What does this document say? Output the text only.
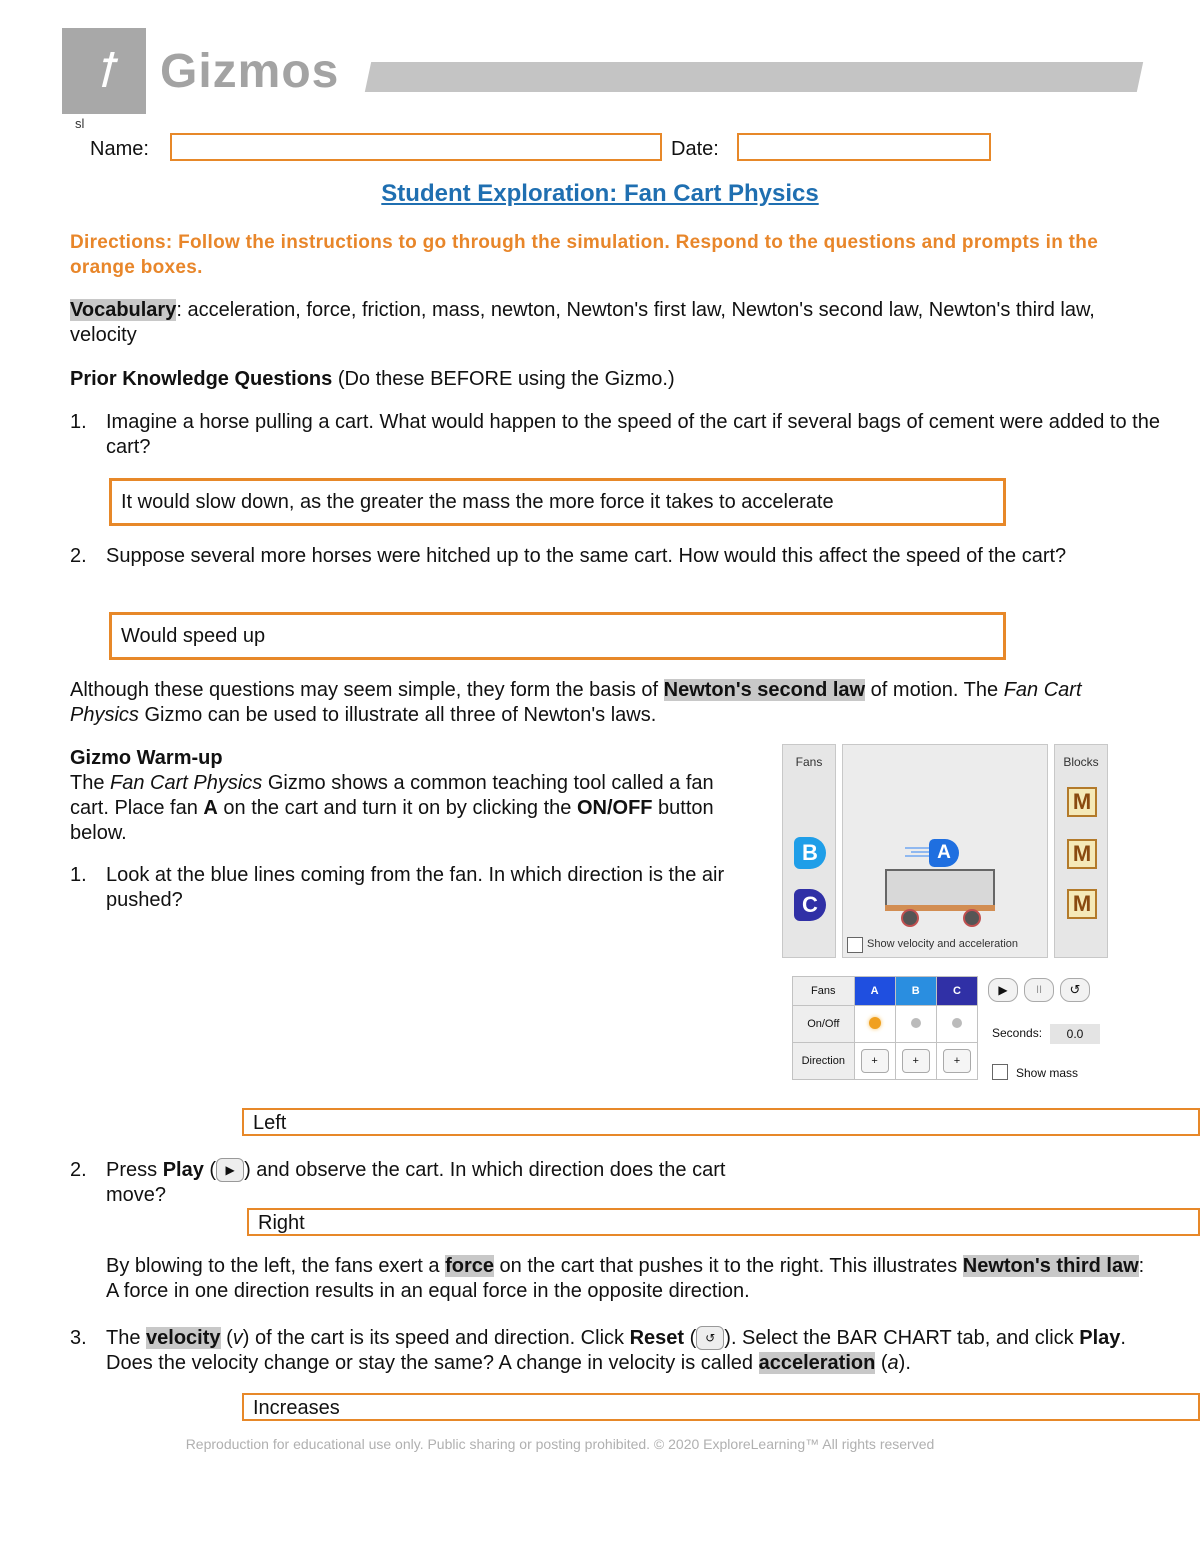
ꝉ Gizmos
sl
Name:	Date:
Student Exploration: Fan Cart Physics
Directions: Follow the instructions to go through the simulation. Respond to the questions and prompts in the orange boxes.
Vocabulary: acceleration, force, friction, mass, newton, Newton's first law, Newton's second law, Newton's third law, velocity
Prior Knowledge Questions (Do these BEFORE using the Gizmo.)
1. Imagine a horse pulling a cart. What would happen to the speed of the cart if several bags of cement were added to the cart?
It would slow down, as the greater the mass the more force it takes to accelerate
2. Suppose several more horses were hitched up to the same cart. How would this affect the speed of the cart?
Would speed up
Although these questions may seem simple, they form the basis of Newton's second law of motion. The Fan Cart Physics Gizmo can be used to illustrate all three of Newton's laws.
Gizmo Warm-up
The Fan Cart Physics Gizmo shows a common teaching tool called a fan cart. Place fan A on the cart and turn it on by clicking the ON/OFF button below.
1. Look at the blue lines coming from the fan. In which direction is the air pushed?
Fans
B
C
A
Show velocity and acceleration
Blocks
M
M
M
Fans	A	B	C
On/Off			
Direction	+	+	+
▶	II	↺
Seconds:	0.0
Show mass
Left
2. Press Play ( ▶ ) and observe the cart. In which direction does the cart move?
Right
By blowing to the left, the fans exert a force on the cart that pushes it to the right. This illustrates Newton's third law: A force in one direction results in an equal force in the opposite direction.
3. The velocity (v) of the cart is its speed and direction. Click Reset ( ↺ ). Select the BAR CHART tab, and click Play. Does the velocity change or stay the same? A change in velocity is called acceleration (a).
Increases
Reproduction for educational use only. Public sharing or posting prohibited. © 2020 ExploreLearning™ All rights reserved
